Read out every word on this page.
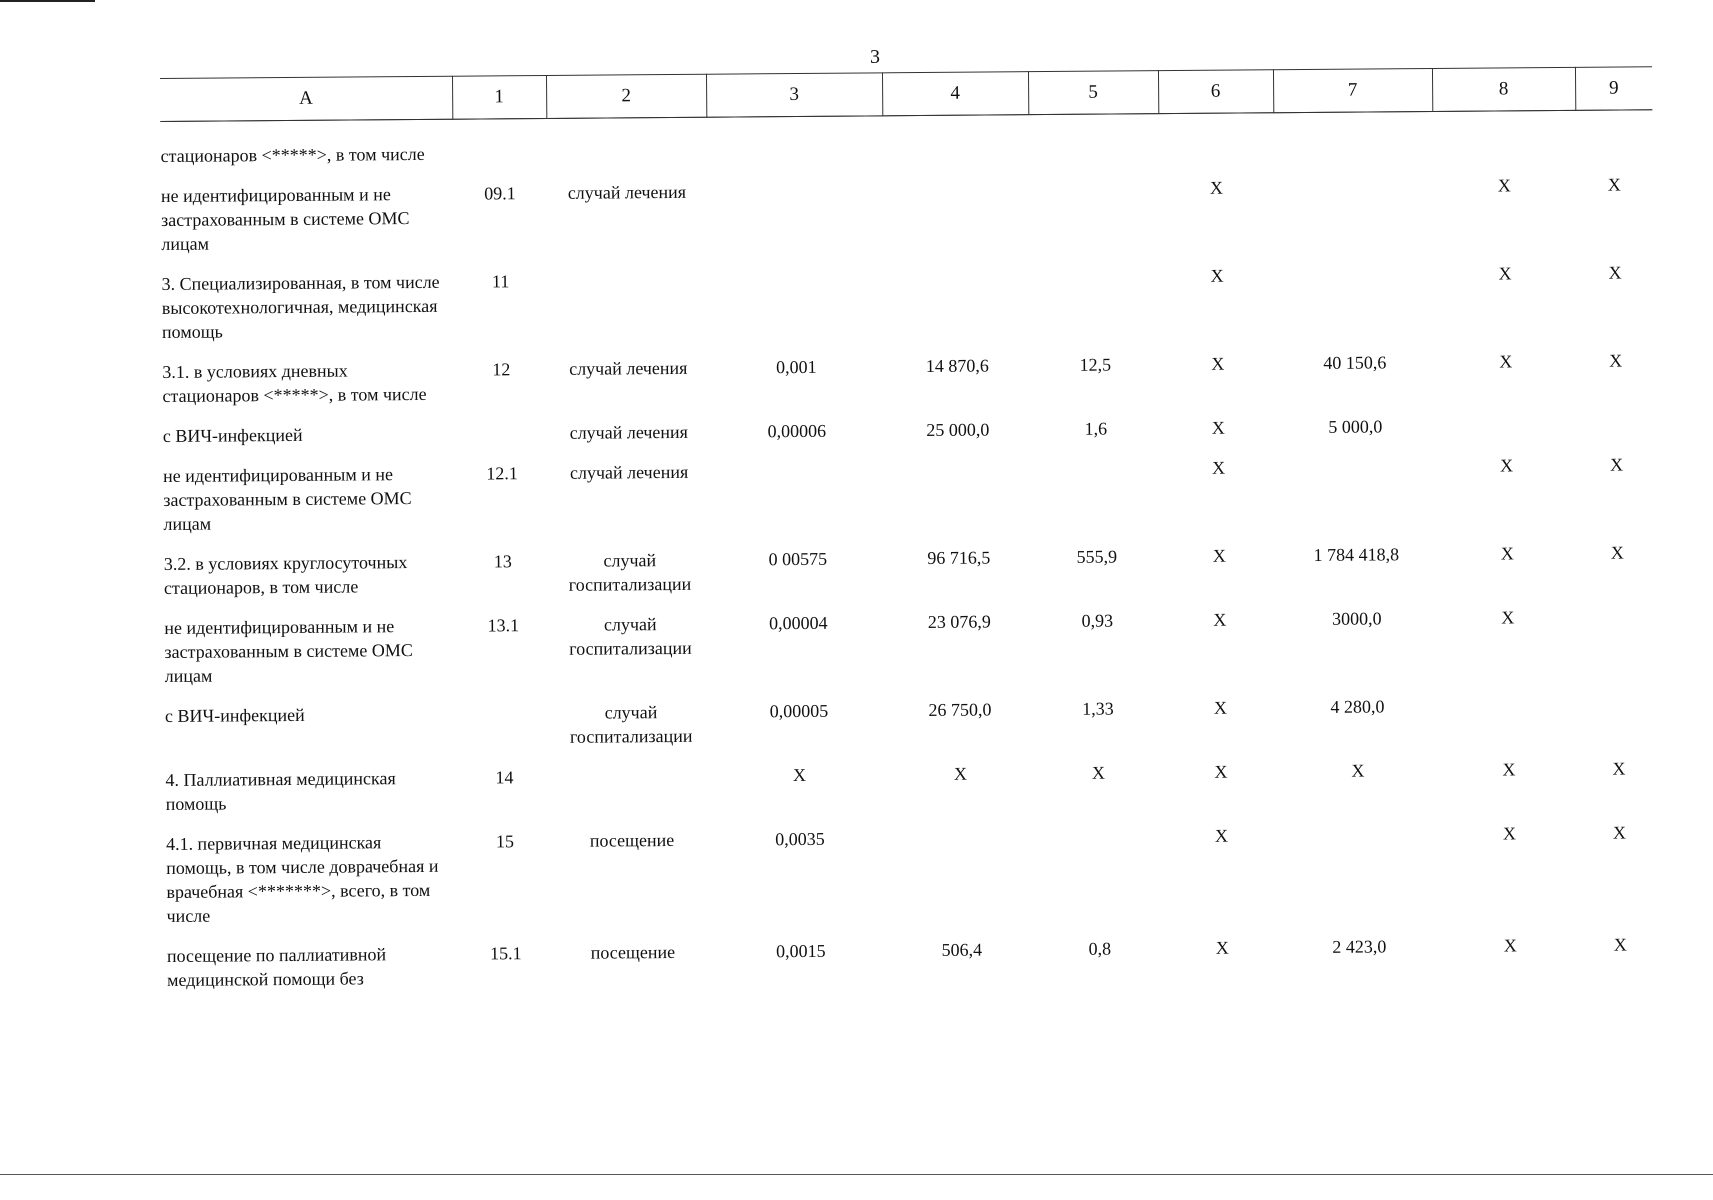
3
А	1	2	3	4	5	6	7	8	9
стационаров <*****>, в том числе									
не идентифицированным и не застрахованным в системе ОМС лицам	09.1	случай лечения				X		X	X
3. Специализированная, в том числе высокотехнологичная, медицинская помощь	11					X		X	X
3.1. в условиях дневных стационаров <*****>, в том числе	12	случай лечения	0,001	14 870,6	12,5	X	40 150,6	X	X
с ВИЧ-инфекцией		случай лечения	0,00006	25 000,0	1,6	X	5 000,0		
не идентифицированным и не застрахованным в системе ОМС лицам	12.1	случай лечения				X		X	X
3.2. в условиях круглосуточных стационаров, в том числе	13	случай госпитализации	0 00575	96 716,5	555,9	X	1 784 418,8	X	X
не идентифицированным и не застрахованным в системе ОМС лицам	13.1	случай госпитализации	0,00004	23 076,9	0,93	X	3000,0	X	
с ВИЧ-инфекцией		случай госпитализации	0,00005	26 750,0	1,33	X	4 280,0		
4. Паллиативная медицинская помощь	14		X	X	X	X	X	X	X
4.1. первичная медицинская помощь, в том числе доврачебная и врачебная <*******>, всего, в том числе	15	посещение	0,0035			X		X	X
посещение по паллиативной медицинской помощи без	15.1	посещение	0,0015	506,4	0,8	X	2 423,0	X	X
